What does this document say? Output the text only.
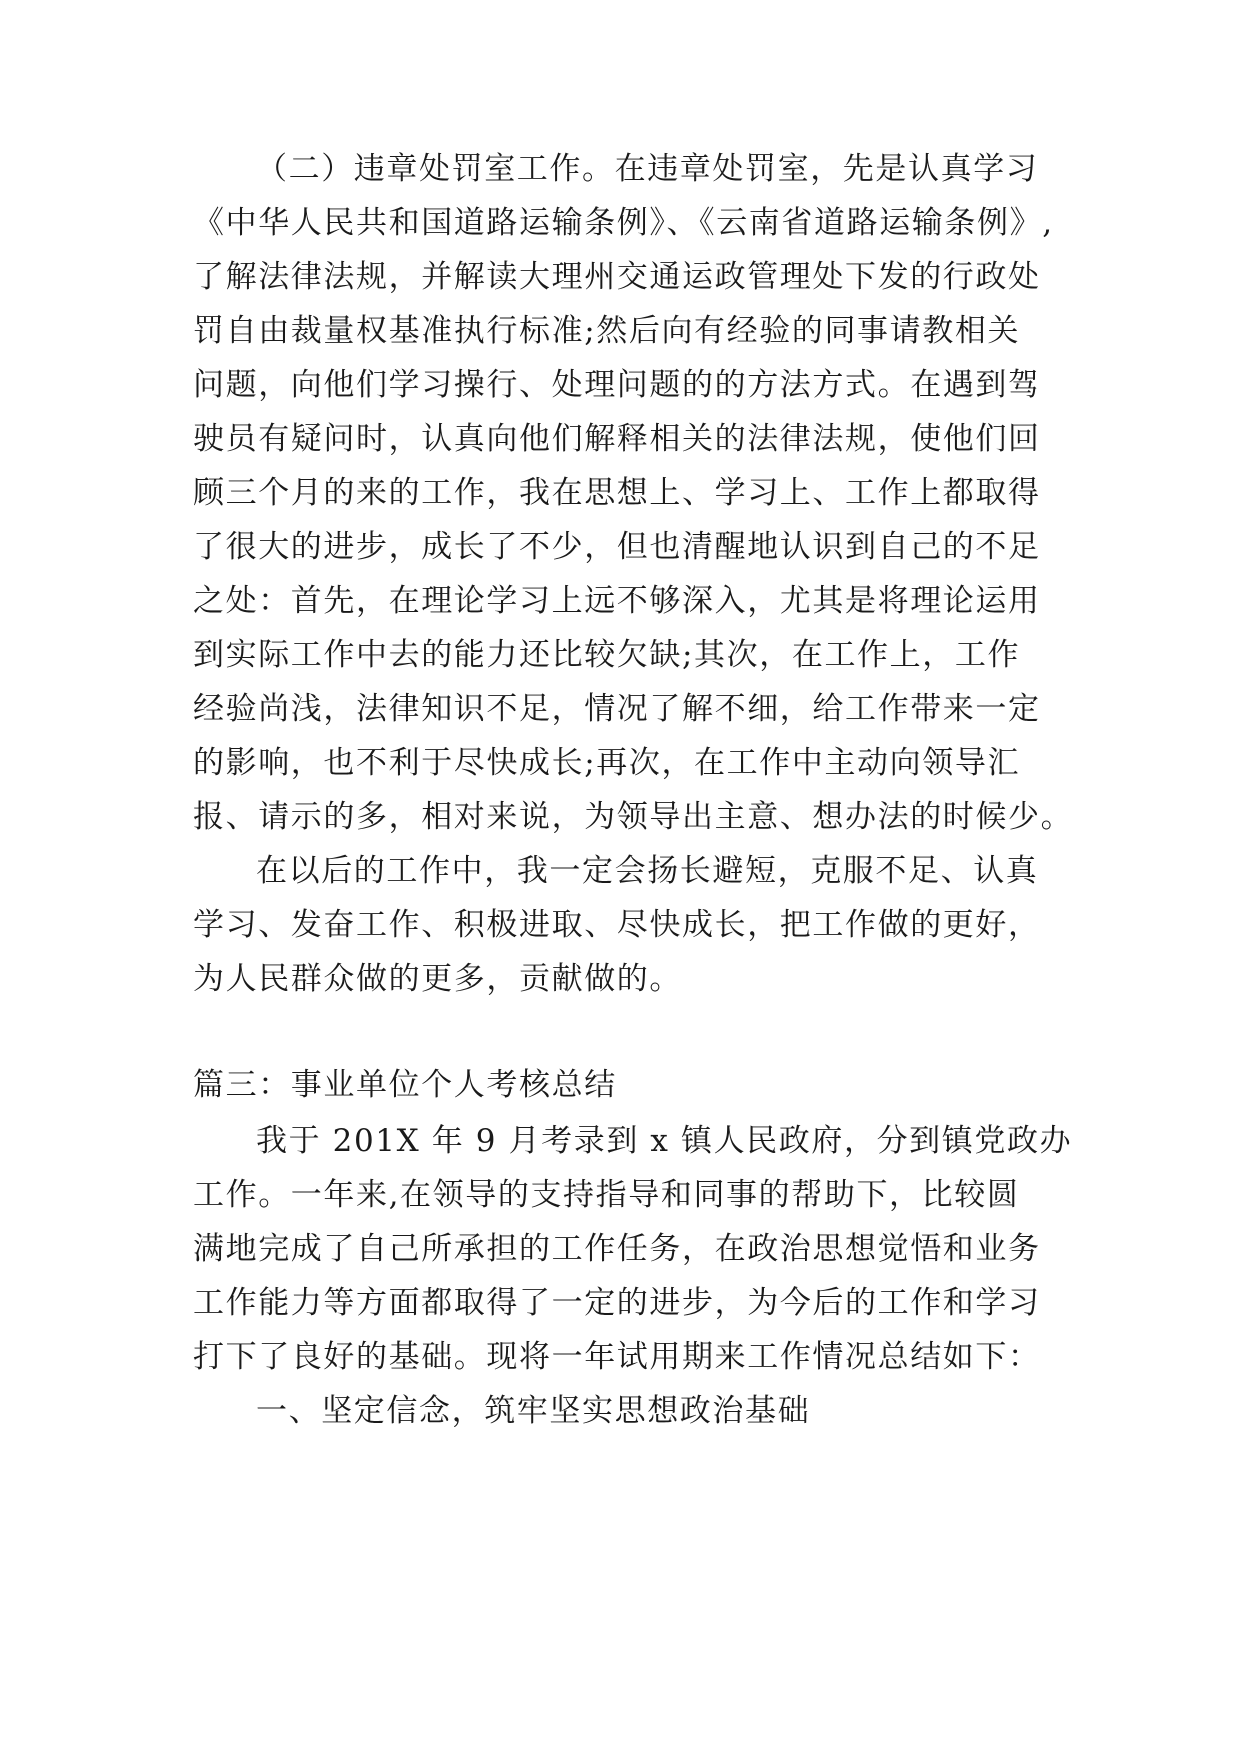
（二）违章处罚室工作。在违章处罚室，先是认真学习
《中华人民共和国道路运输条例》、《云南省道路运输条例》,
了解法律法规，并解读大理州交通运政管理处下发的行政处
罚自由裁量权基准执行标准;然后向有经验的同事请教相关
问题，向他们学习操行、处理问题的的方法方式。在遇到驾
驶员有疑问时，认真向他们解释相关的法律法规，使他们回
顾三个月的来的工作，我在思想上、学习上、工作上都取得
了很大的进步，成长了不少，但也清醒地认识到自己的不足
之处：首先，在理论学习上远不够深入，尤其是将理论运用
到实际工作中去的能力还比较欠缺;其次，在工作上，工作
经验尚浅，法律知识不足，情况了解不细，给工作带来一定
的影响，也不利于尽快成长;再次，在工作中主动向领导汇
报、请示的多，相对来说，为领导出主意、想办法的时候少。
在以后的工作中，我一定会扬长避短，克服不足、认真
学习、发奋工作、积极进取、尽快成长，把工作做的更好，
为人民群众做的更多，贡献做的。
篇三：事业单位个人考核总结
我于 201X 年 9 月考录到 x 镇人民政府，分到镇党政办
工作。一年来,在领导的支持指导和同事的帮助下，比较圆
满地完成了自己所承担的工作任务，在政治思想觉悟和业务
工作能力等方面都取得了一定的进步，为今后的工作和学习
打下了良好的基础。现将一年试用期来工作情况总结如下：
一、坚定信念，筑牢坚实思想政治基础
